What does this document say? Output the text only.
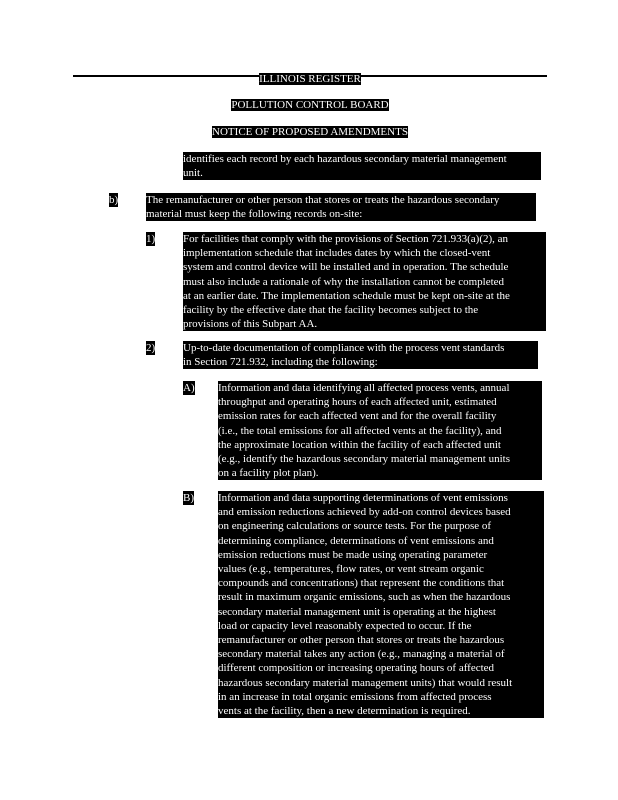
ILLINOIS REGISTER
POLLUTION CONTROL BOARD
NOTICE OF PROPOSED AMENDMENTS
identifies each record by each hazardous secondary material management
unit.
b)	The remanufacturer or other person that stores or treats the hazardous secondary
material must keep the following records on-site:
1)	For facilities that comply with the provisions of Section 721.933(a)(2), an
implementation schedule that includes dates by which the closed-vent
system and control device will be installed and in operation. The schedule
must also include a rationale of why the installation cannot be completed
at an earlier date. The implementation schedule must be kept on-site at the
facility by the effective date that the facility becomes subject to the
provisions of this Subpart AA.
2)	Up-to-date documentation of compliance with the process vent standards
in Section 721.932, including the following:
A) Information and data identifying all affected process vents, annual
throughput and operating hours of each affected unit, estimated
emission rates for each affected vent and for the overall facility
(i.e., the total emissions for all affected vents at the facility), and
the approximate location within the facility of each affected unit
(e.g., identify the hazardous secondary material management units
on a facility plot plan).
B) Information and data supporting determinations of vent emissions
and emission reductions achieved by add-on control devices based
on engineering calculations or source tests. For the purpose of
determining compliance, determinations of vent emissions and
emission reductions must be made using operating parameter
values (e.g., temperatures, flow rates, or vent stream organic
compounds and concentrations) that represent the conditions that
result in maximum organic emissions, such as when the hazardous
secondary material management unit is operating at the highest
load or capacity level reasonably expected to occur. If the
remanufacturer or other person that stores or treats the hazardous
secondary material takes any action (e.g., managing a material of
different composition or increasing operating hours of affected
hazardous secondary material management units) that would result
in an increase in total organic emissions from affected process
vents at the facility, then a new determination is required.
